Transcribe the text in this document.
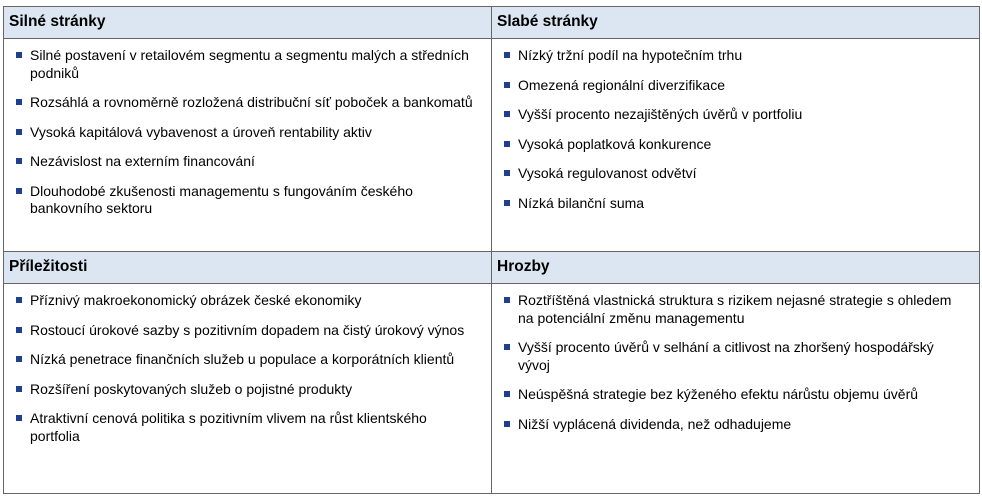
Silné stránky
Silné postavení v retailovém segmentu a segmentu malých a středních podniků
Rozsáhlá a rovnoměrně rozložená distribuční síť poboček a bankomatů
Vysoká kapitálová vybavenost a úroveň rentability aktiv
Nezávislost na externím financování
Dlouhodobé zkušenosti managementu s fungováním českého bankovního sektoru
Slabé stránky
Nízký tržní podíl na hypotečním trhu
Omezená regionální diverzifikace
Vyšší procento nezajištěných úvěrů v portfoliu
Vysoká poplatková konkurence
Vysoká regulovanost odvětví
Nízká bilanční suma
Příležitosti
Příznivý makroekonomický obrázek české ekonomiky
Rostoucí úrokové sazby s pozitivním dopadem na čistý úrokový výnos
Nízká penetrace finančních služeb u populace a korporátních klientů
Rozšíření poskytovaných služeb o pojistné produkty
Atraktivní cenová politika s pozitivním vlivem na růst klientského portfolia
Hrozby
Roztříštěná vlastnická struktura s rizikem nejasné strategie s ohledem na potenciální změnu managementu
Vyšší procento úvěrů v selhání a citlivost na zhoršený hospodářský vývoj
Neúspěšná strategie bez kýženého efektu nárůstu objemu úvěrů
Nižší vyplácená dividenda, než odhadujeme
